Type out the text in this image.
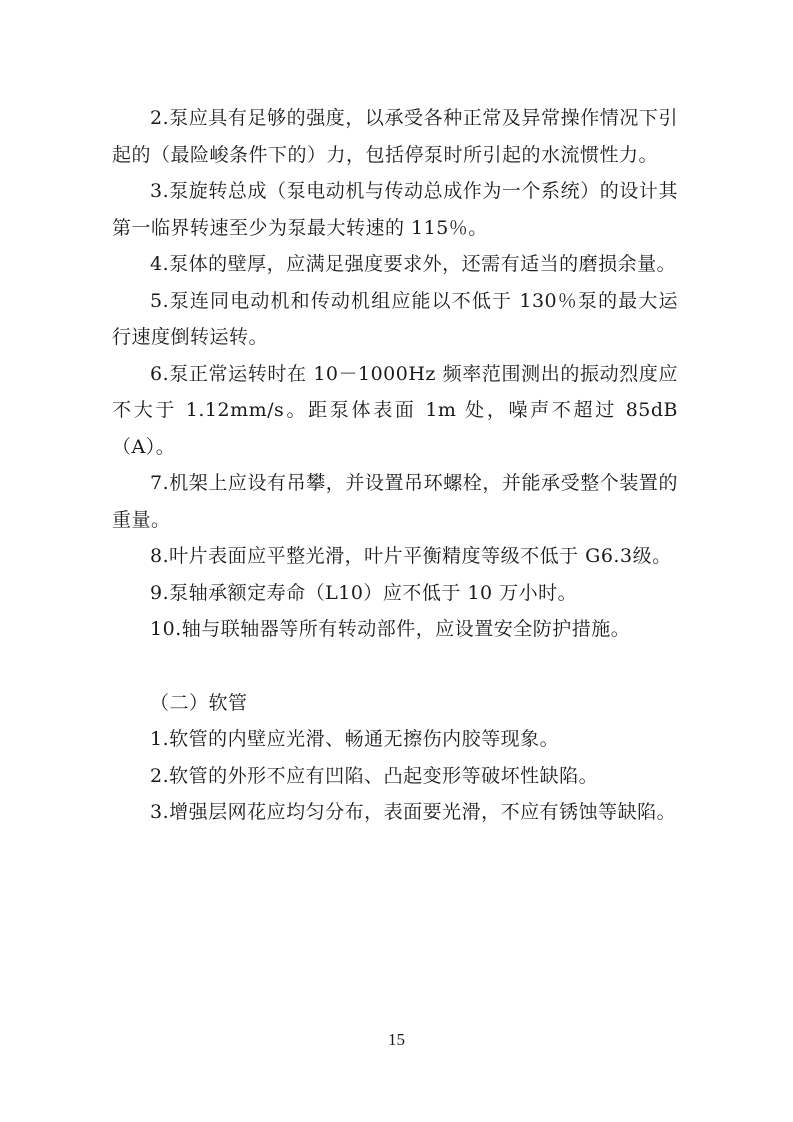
2.泵应具有足够的强度，以承受各种正常及异常操作情况下引起的（最险峻条件下的）力，包括停泵时所引起的水流惯性力。

3.泵旋转总成（泵电动机与传动总成作为一个系统）的设计其第一临界转速至少为泵最大转速的 115％。

4.泵体的壁厚，应满足强度要求外，还需有适当的磨损余量。

5.泵连同电动机和传动机组应能以不低于 130％泵的最大运行速度倒转运转。

6.泵正常运转时在 10－1000Hz 频率范围测出的振动烈度应不大于 1.12mm/s。距泵体表面 1m 处，噪声不超过 85dB（A）。

7.机架上应设有吊攀，并设置吊环螺栓，并能承受整个装置的重量。

8.叶片表面应平整光滑，叶片平衡精度等级不低于 G6.3级。

9.泵轴承额定寿命（L10）应不低于 10 万小时。

10.轴与联轴器等所有转动部件，应设置安全防护措施。

（二）软管

1.软管的内壁应光滑、畅通无擦伤内胶等现象。

2.软管的外形不应有凹陷、凸起变形等破坏性缺陷。

3.增强层网花应均匀分布，表面要光滑，不应有锈蚀等缺陷。

15
